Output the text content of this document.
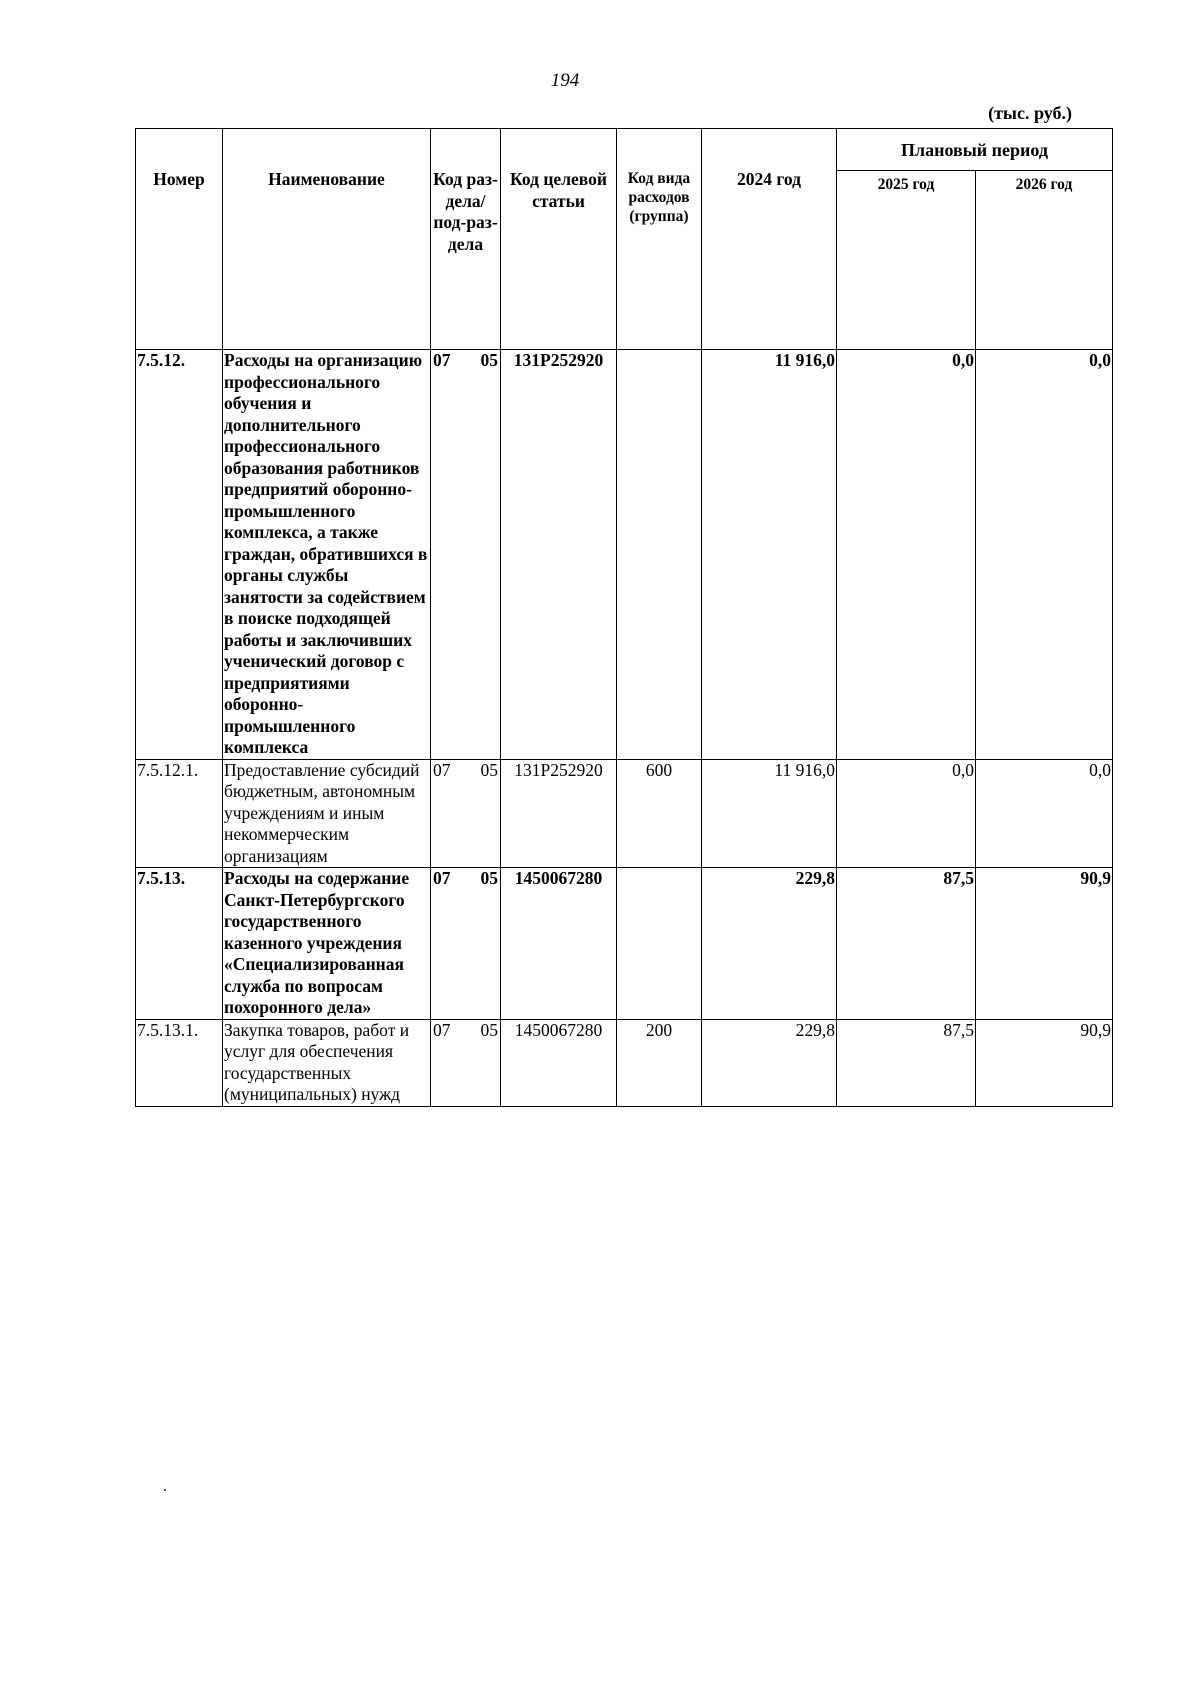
194
(тыс. руб.)
Номер	Наименование	Код раз-дела/ под-раз-дела	Код целевой статьи	Код вида расходов (группа)	2024 год	Плановый период	
						2025 год	2026 год
7.5.12.	Расходы на организацию профессионального обучения и дополнительного профессионального образования работников предприятий оборонно-промышленного комплекса, а также граждан, обратившихся в органы службы занятости за содействием в поиске подходящей работы и заключивших ученический договор с предприятиями оборонно-промышленного комплекса	07 05	131P252920		11 916,0	0,0	0,0
7.5.12.1.	Предоставление субсидий бюджетным, автономным учреждениям и иным некоммерческим организациям	07 05	131P252920	600	11 916,0	0,0	0,0
7.5.13.	Расходы на содержание Санкт-Петербургского государственного казенного учреждения «Специализированная служба по вопросам похоронного дела»	07 05	1450067280		229,8	87,5	90,9
7.5.13.1.	Закупка товаров, работ и услуг для обеспечения государственных (муниципальных) нужд	07 05	1450067280	200	229,8	87,5	90,9
.
